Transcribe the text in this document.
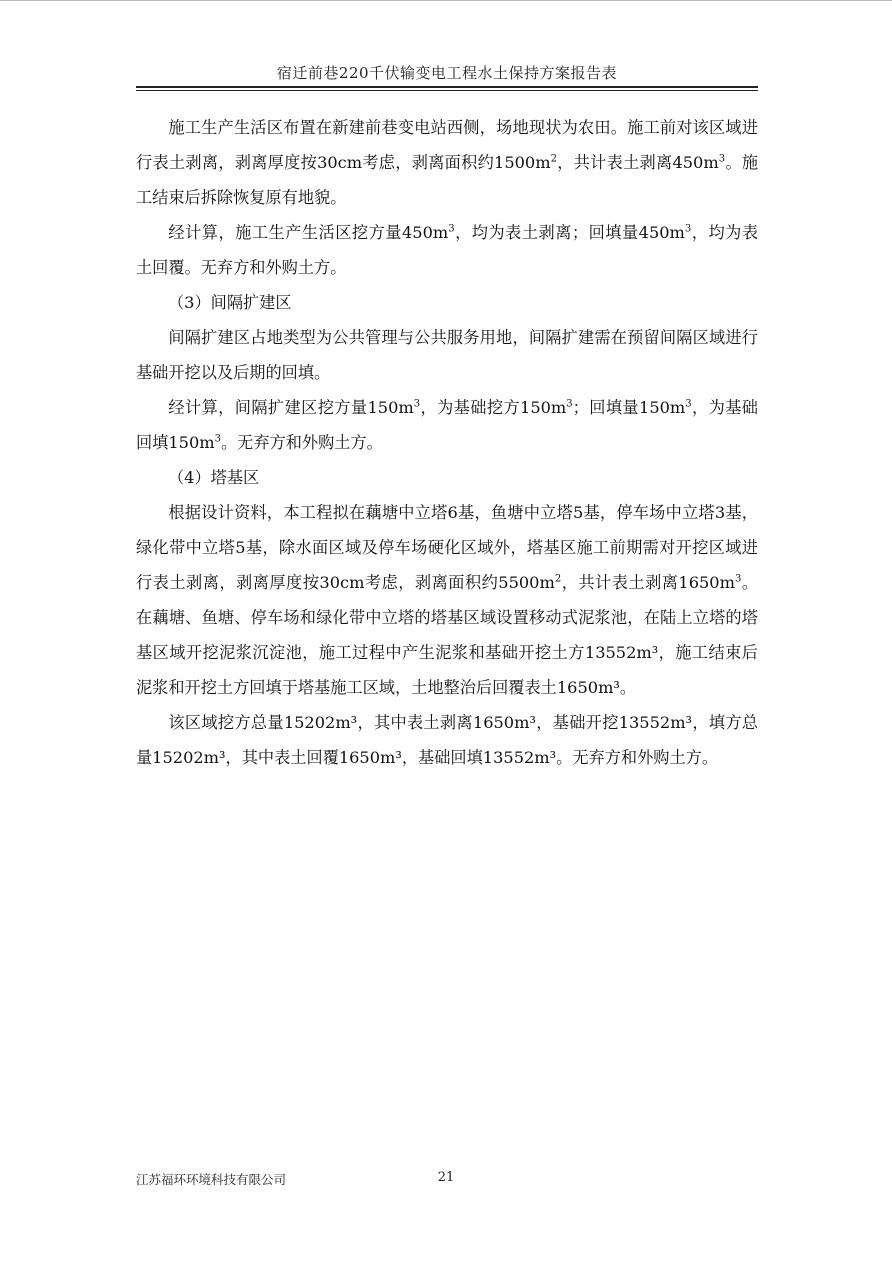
宿迁前巷220千伏输变电工程水土保持方案报告表

施工生产生活区布置在新建前巷变电站西侧，场地现状为农田。施工前对该区域进行表土剥离，剥离厚度按30cm考虑，剥离面积约$1500m^2$，共计表土剥离$450m^3$。施工结束后拆除恢复原有地貌。

经计算，施工生产生活区挖方量$450m^3$，均为表土剥离；回填量$450m^3$，均为表土回覆。无弃方和外购土方。

（3）间隔扩建区

间隔扩建区占地类型为公共管理与公共服务用地，间隔扩建需在预留间隔区域进行基础开挖以及后期的回填。

经计算，间隔扩建区挖方量$150m^3$，为基础挖方$150m^3$；回填量$150m^3$，为基础回填$150m^3$。无弃方和外购土方。

（4）塔基区

根据设计资料，本工程拟在藕塘中立塔6基，鱼塘中立塔5基，停车场中立塔3基，绿化带中立塔5基，除水面区域及停车场硬化区域外，塔基区施工前期需对开挖区域进行表土剥离，剥离厚度按30cm考虑，剥离面积约$5500m^2$，共计表土剥离$1650m^3$。在藕塘、鱼塘、停车场和绿化带中立塔的塔基区域设置移动式泥浆池，在陆上立塔的塔基区域开挖泥浆沉淀池，施工过程中产生泥浆和基础开挖土方13552m³，施工结束后泥浆和开挖土方回填于塔基施工区域，土地整治后回覆表土1650m³。

该区域挖方总量15202m³，其中表土剥离1650m³，基础开挖13552m³，填方总量15202m³，其中表土回覆1650m³，基础回填13552m³。无弃方和外购土方。

江苏福环环境科技有限公司	21
